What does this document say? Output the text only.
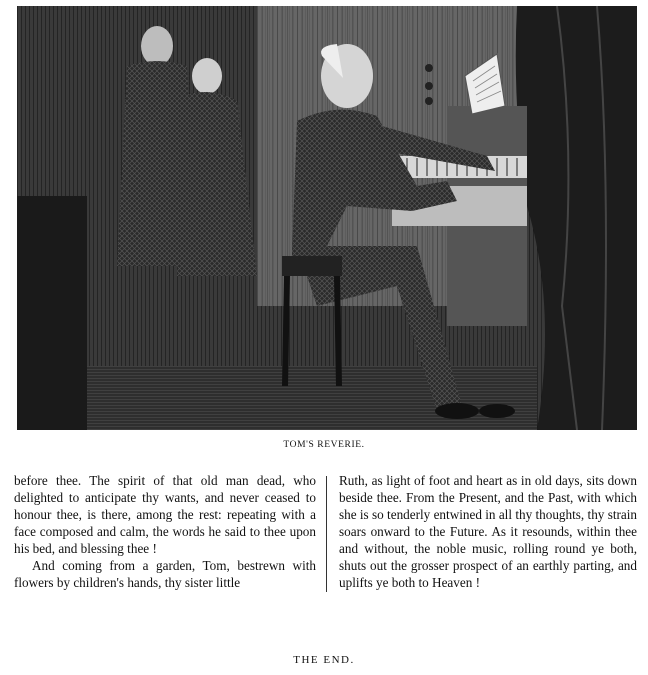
TOM'S REVERIE.

before thee. The spirit of that old man dead, who delighted to anticipate thy wants, and never ceased to honour thee, is there, among the rest: repeating with a face composed and calm, the words he said to thee upon his bed, and blessing thee !

And coming from a garden, Tom, bestrewn with flowers by children's hands, thy sister little

Ruth, as light of foot and heart as in old days, sits down beside thee. From the Present, and the Past, with which she is so tenderly entwined in all thy thoughts, thy strain soars onward to the Future. As it resounds, within thee and without, the noble music, rolling round ye both, shuts out the grosser prospect of an earthly parting, and uplifts ye both to Heaven !

THE END.
